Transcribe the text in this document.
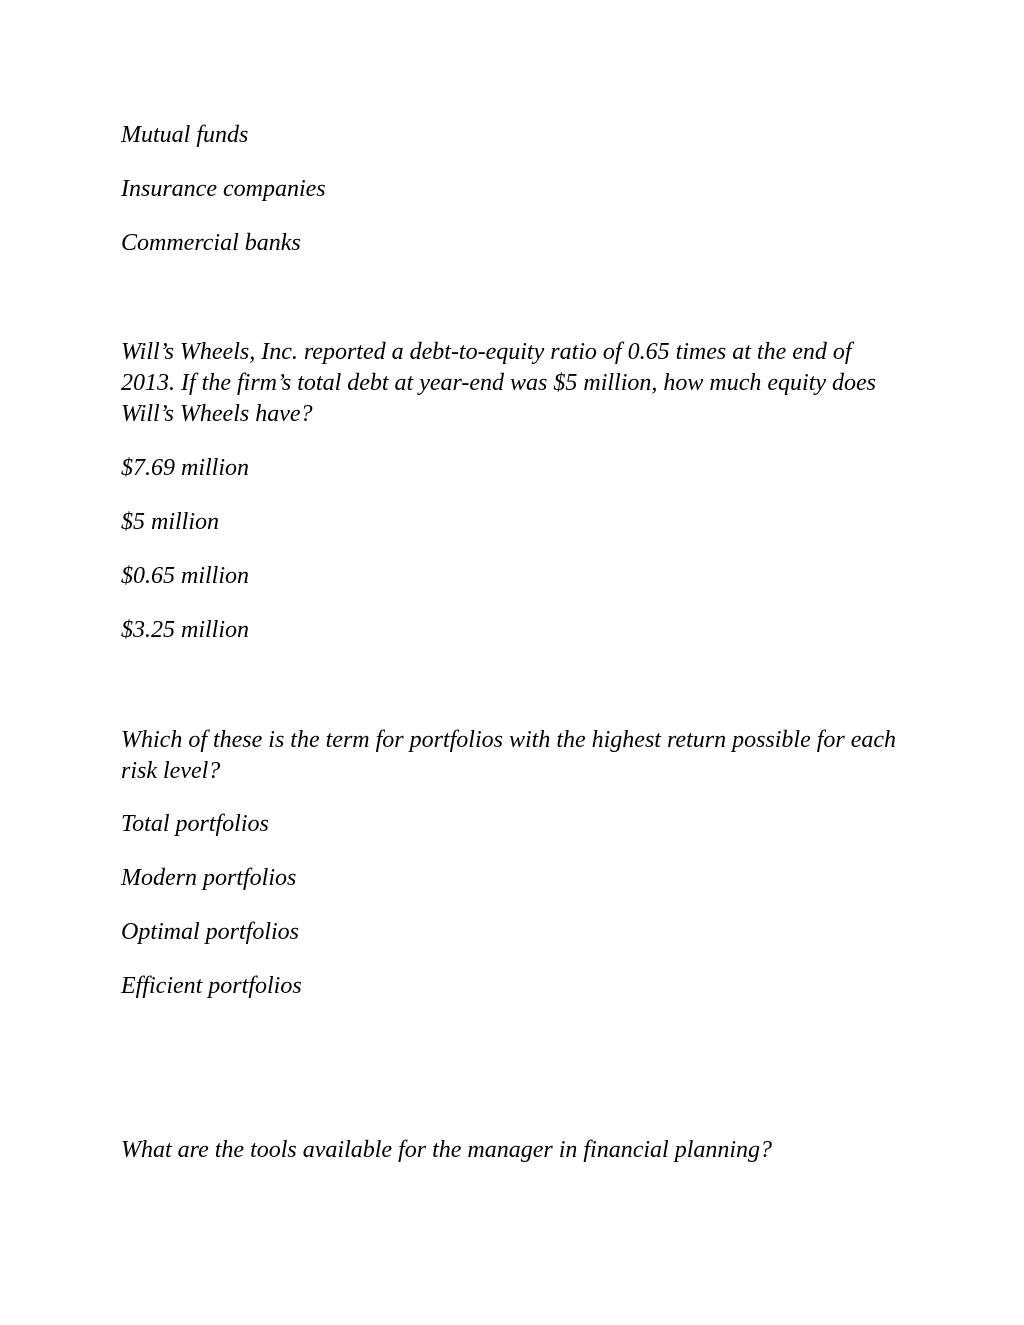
Mutual funds
Insurance companies
Commercial banks
Will’s Wheels, Inc. reported a debt-to-equity ratio of 0.65 times at the end of 2013. If the firm’s total debt at year-end was $5 million, how much equity does Will’s Wheels have?
$7.69 million
$5 million
$0.65 million
$3.25 million
Which of these is the term for portfolios with the highest return possible for each risk level?
Total portfolios
Modern portfolios
Optimal portfolios
Efficient portfolios
What are the tools available for the manager in financial planning?
